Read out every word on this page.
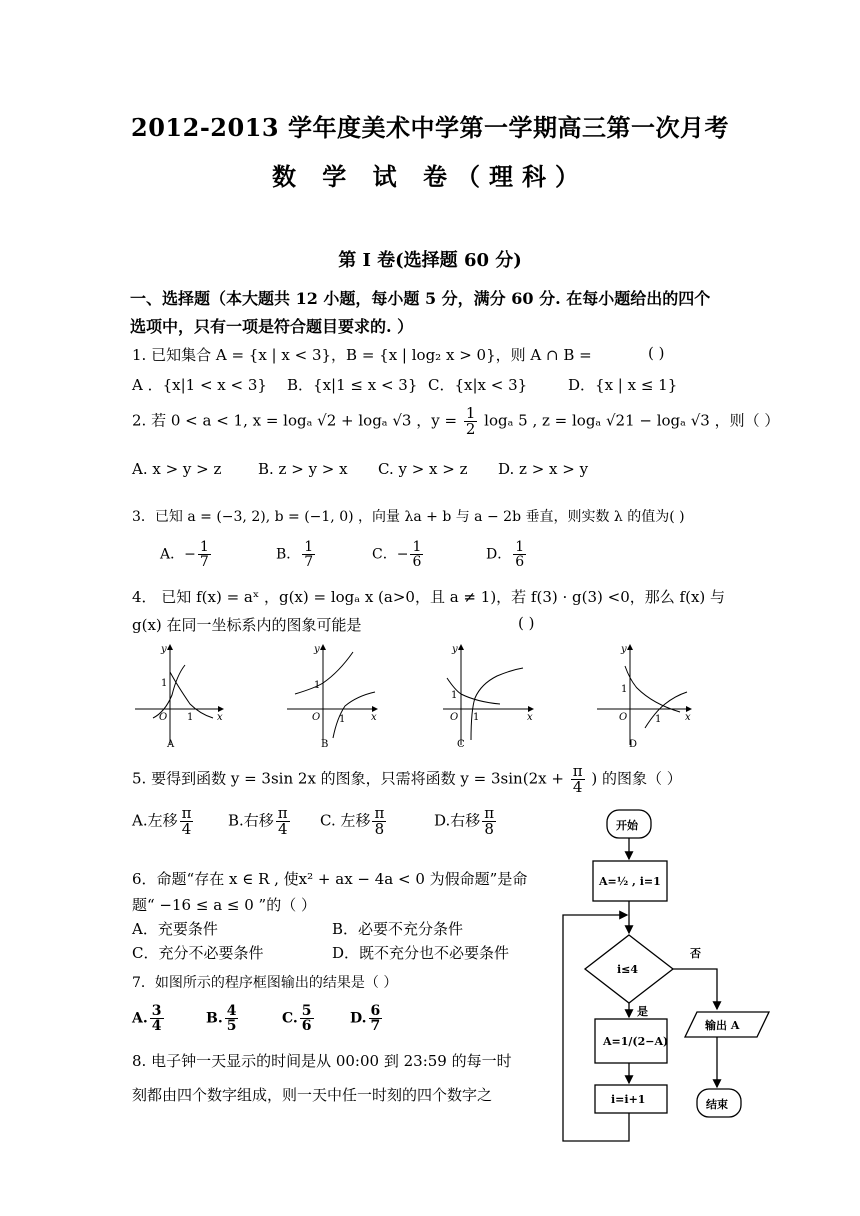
2012-2013 学年度美术中学第一学期高三第一次月考
数 学 试 卷（理科）
第 I 卷(选择题 60 分)
一、选择题（本大题共 12 小题，每小题 5 分，满分 60 分. 在每小题给出的四个
选项中，只有一项是符合题目要求的. ）
1. 已知集合 A = {x | x < 3}，B = {x | log₂ x > 0}，则 A ∩ B =	( )
A ．{x|1 < x < 3} B．{x|1 ≤ x < 3} C．{x|x < 3}	D．{x | x ≤ 1}
2. 若 0 < a < 1, x = logₐ √2 + logₐ √3 ，$y = \frac{1}{2}$ logₐ 5 , z = logₐ √21 − logₐ √3 ，则（ ）
A. x > y > z B. z > y > x C. y > x > z D. z > x > y
3．已知 a = (−3, 2), b = (−1, 0) ，向量 λa + b 与 a − 2b 垂直，则实数 λ 的值为( )
A．− $\frac{1}{7}$	B． $\frac{1}{7}$	C．− $\frac{1}{6}$	D． $\frac{1}{6}$
4． 已知 f(x) = aˣ ，g(x) = logₐ x (a>0，且 a ≠ 1)，若 f(3) · g(3) <0，那么 f(x) 与
g(x) 在同一坐标系内的图象可能是	( )
y
x
O
1
1
A
y
x
O
1
1
B
y
x
O
1
1
C
y
x
O
1
1
D
5. 要得到函数 y = 3sin 2x 的图象，只需将函数 $y = 3\sin(2x + \frac{\pi}{4}$ ) 的图象（ ）
A.左移 $\frac{\pi}{4} B$.右移 $\frac{\pi}{4} C$. 左移 $\frac{\pi}{8}$	D.右移 $\frac{\pi}{8}$
6．命题“存在 x ∈ R , 使x² + ax − 4a < 0 为假命题”是命
题“ −16 ≤ a ≤ 0 ”的（ ）
A．充要条件	B．必要不充分条件
C．充分不必要条件	D．既不充分也不必要条件
7．如图所示的程序框图输出的结果是（ ）
A. $\frac{3}{4}$	B. $\frac{4}{5}$	C. $\frac{5}{6}$	D. $\frac{6}{7}$
8. 电子钟一天显示的时间是从 00:00 到 23:59 的每一时
刻都由四个数字组成，则一天中任一时刻的四个数字之
开始
A=½ , i=1
i≤4
否
是
A=1/(2−A)
i=i+1
输出 A
结束
